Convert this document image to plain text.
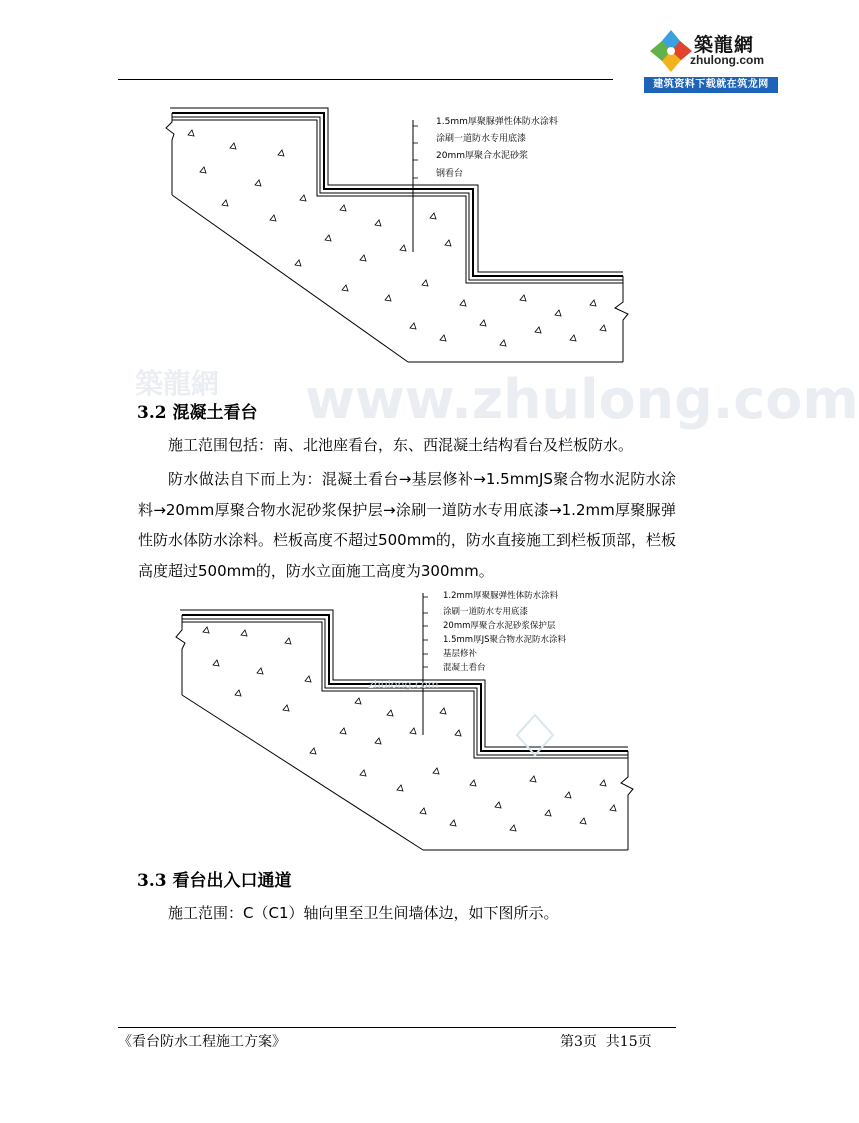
築龍網
zhulong.com
建筑资料下载就在筑龙网
1.5mm厚聚脲弹性体防水涂料
涂刷一道防水专用底漆
20mm厚聚合水泥砂浆
钢看台
築龍網 www.zhulong.com
3.2 混凝土看台
施工范围包括：南、北池座看台，东、西混凝土结构看台及栏板防水。
防水做法自下而上为：混凝土看台→基层修补→1.5mmJS聚合物水泥防水涂料→20mm厚聚合物水泥砂浆保护层→涂刷一道防水专用底漆→1.2mm厚聚脲弹性防水体防水涂料。栏板高度不超过500mm的，防水直接施工到栏板顶部，栏板高度超过500mm的，防水立面施工高度为300mm。
1.2mm厚聚脲弹性体防水涂料
涂刷一道防水专用底漆
20mm厚聚合水泥砂浆保护层
1.5mm厚JS聚合物水泥防水涂料
基层修补
混凝土看台
zhulong.com
3.3 看台出入口通道
施工范围：C（C1）轴向里至卫生间墙体边，如下图所示。
《看台防水工程施工方案》	第3页  共15页
